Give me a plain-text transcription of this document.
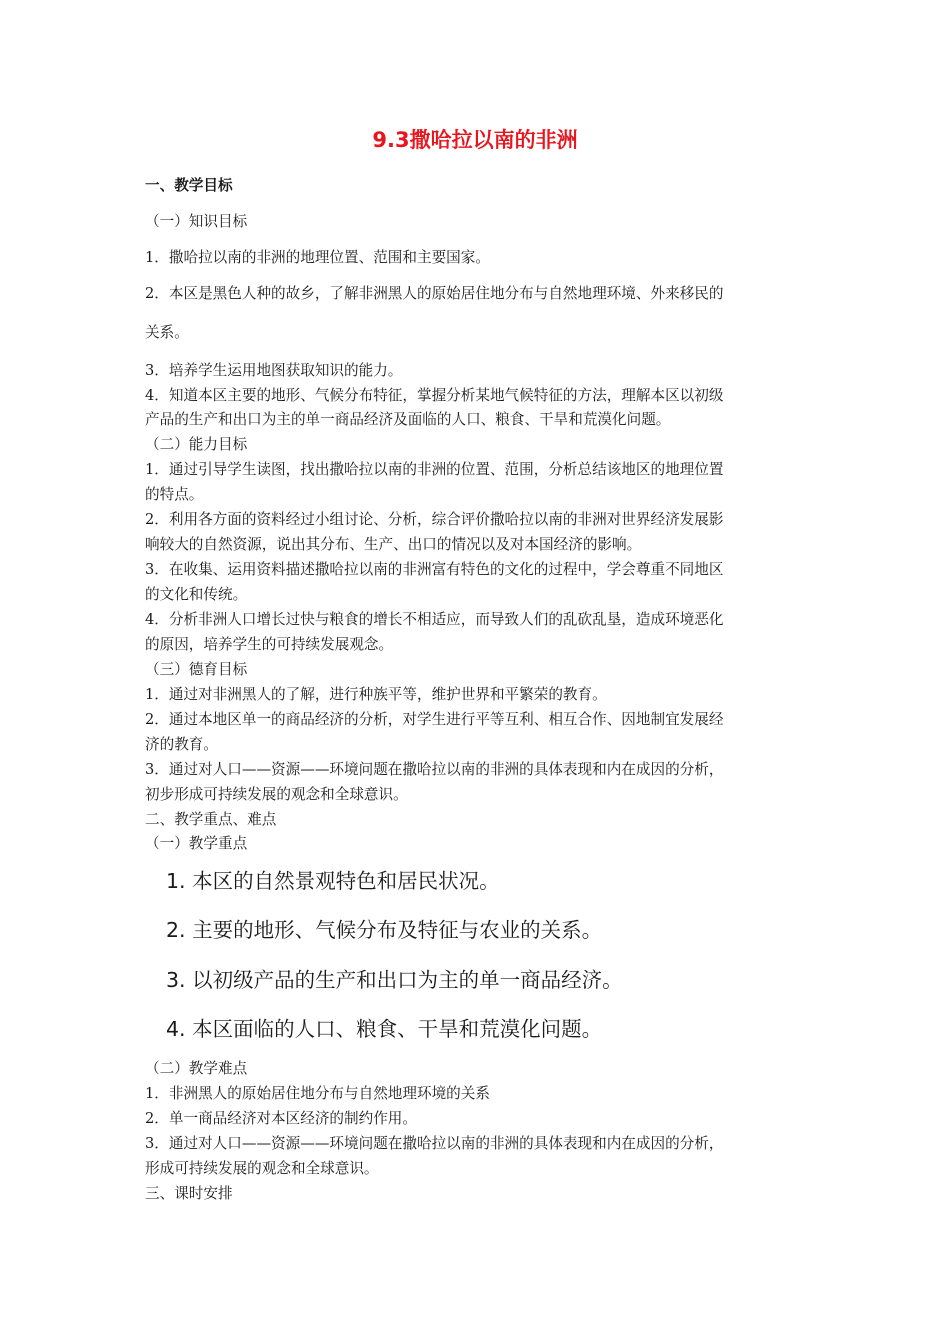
9.3撒哈拉以南的非洲
一、教学目标
（一）知识目标
1．撒哈拉以南的非洲的地理位置、范围和主要国家。
2．本区是黑色人种的故乡，了解非洲黑人的原始居住地分布与自然地理环境、外来移民的
关系。
3．培养学生运用地图获取知识的能力。
4．知道本区主要的地形、气候分布特征，掌握分析某地气候特征的方法，理解本区以初级
产品的生产和出口为主的单一商品经济及面临的人口、粮食、干旱和荒漠化问题。
（二）能力目标
1．通过引导学生读图，找出撒哈拉以南的非洲的位置、范围，分析总结该地区的地理位置
的特点。
2．利用各方面的资料经过小组讨论、分析，综合评价撒哈拉以南的非洲对世界经济发展影
响较大的自然资源，说出其分布、生产、出口的情况以及对本国经济的影响。
3．在收集、运用资料描述撒哈拉以南的非洲富有特色的文化的过程中，学会尊重不同地区
的文化和传统。
4．分析非洲人口增长过快与粮食的增长不相适应，而导致人们的乱砍乱垦，造成环境恶化
的原因，培养学生的可持续发展观念。
（三）德育目标
1．通过对非洲黑人的了解，进行种族平等，维护世界和平繁荣的教育。
2．通过本地区单一的商品经济的分析，对学生进行平等互利、相互合作、因地制宜发展经
济的教育。
3．通过对人口——资源——环境问题在撒哈拉以南的非洲的具体表现和内在成因的分析，
初步形成可持续发展的观念和全球意识。
二、教学重点、难点
（一）教学重点
1. 本区的自然景观特色和居民状况。
2. 主要的地形、气候分布及特征与农业的关系。
3. 以初级产品的生产和出口为主的单一商品经济。
4. 本区面临的人口、粮食、干旱和荒漠化问题。
（二）教学难点
1．非洲黑人的原始居住地分布与自然地理环境的关系
2．单一商品经济对本区经济的制约作用。
3．通过对人口——资源——环境问题在撒哈拉以南的非洲的具体表现和内在成因的分析，
形成可持续发展的观念和全球意识。
三、课时安排
